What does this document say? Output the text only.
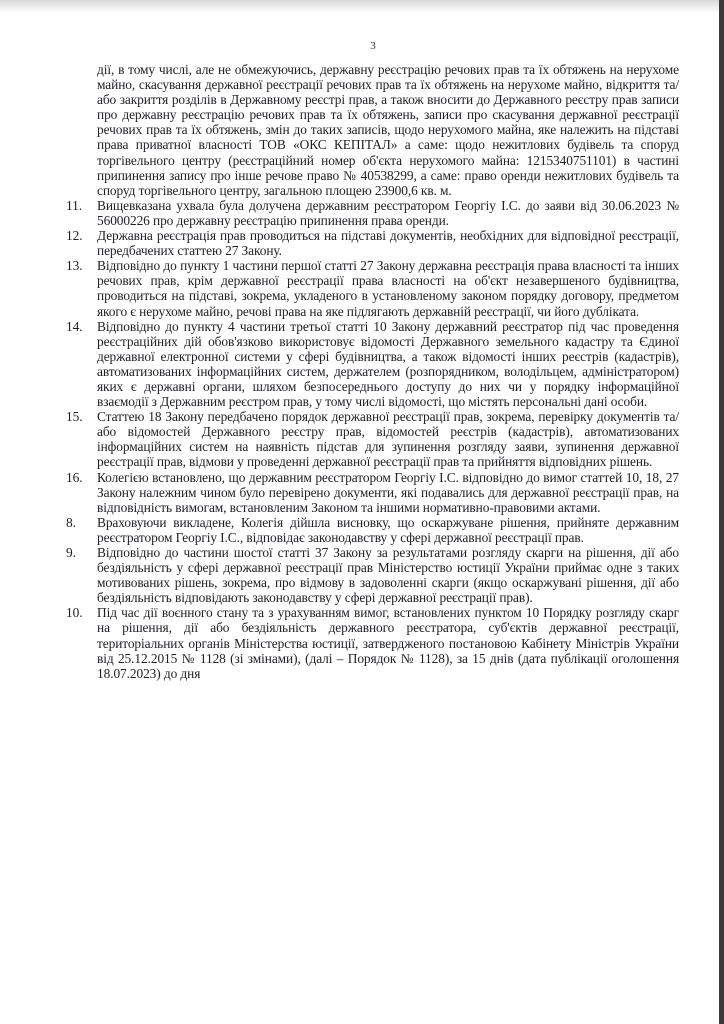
3

дії, в тому числі, але не обмежуючись, державну реєстрацію речових прав та їх обтяжень на нерухоме майно, скасування державної реєстрації речових прав та їх обтяжень на нерухоме майно, відкриття та/або закриття розділів в Державному реєстрі прав, а також вносити до Державного реєстру прав записи про державну реєстрацію речових прав та їх обтяжень, записи про скасування державної реєстрації речових прав та їх обтяжень, змін до таких записів, щодо нерухомого майна, яке належить на підставі права приватної власності ТОВ «ОКС КЕПІТАЛ» а саме: щодо нежитлових будівель та споруд торгівельного центру (реєстраційний номер об'єкта нерухомого майна: 1215340751101) в частині припинення запису про інше речове право № 40538299, а саме: право оренди нежитлових будівель та споруд торгівельного центру, загальною площею 23900,6 кв. м.

11. Вищевказана ухвала була долучена державним реєстратором Георгіу І.С. до заяви від 30.06.2023 № 56000226 про державну реєстрацію припинення права оренди.
12. Державна реєстрація прав проводиться на підставі документів, необхідних для відповідної реєстрації, передбачених статтею 27 Закону.
13. Відповідно до пункту 1 частини першої статті 27 Закону державна реєстрація права власності та інших речових прав, крім державної реєстрації права власності на об'єкт незавершеного будівництва, проводиться на підставі, зокрема, укладеного в установленому законом порядку договору, предметом якого є нерухоме майно, речові права на яке підлягають державній реєстрації, чи його дубліката.
14. Відповідно до пункту 4 частини третьої статті 10 Закону державний реєстратор під час проведення реєстраційних дій обов'язково використовує відомості Державного земельного кадастру та Єдиної державної електронної системи у сфері будівництва, а також відомості інших реєстрів (кадастрів), автоматизованих інформаційних систем, держателем (розпорядником, володільцем, адміністратором) яких є державні органи, шляхом безпосереднього доступу до них чи у порядку інформаційної взаємодії з Державним реєстром прав, у тому числі відомості, що містять персональні дані особи.
15. Статтею 18 Закону передбачено порядок державної реєстрації прав, зокрема, перевірку документів та/або відомостей Державного реєстру прав, відомостей реєстрів (кадастрів), автоматизованих інформаційних систем на наявність підстав для зупинення розгляду заяви, зупинення державної реєстрації прав, відмови у проведенні державної реєстрації прав та прийняття відповідних рішень.
16. Колегією встановлено, що державним реєстратором Георгіу І.С. відповідно до вимог статтей 10, 18, 27 Закону належним чином було перевірено документи, які подавались для державної реєстрації прав, на відповідність вимогам, встановленим Законом та іншими нормативно-правовими актами.
8. Враховуючи викладене, Колегія дійшла висновку, що оскаржуване рішення, прийняте державним реєстратором Георгіу І.С., відповідає законодавству у сфері державної реєстрації прав.
9. Відповідно до частини шостої статті 37 Закону за результатами розгляду скарги на рішення, дії або бездіяльність у сфері державної реєстрації прав Міністерство юстиції України приймає одне з таких мотивованих рішень, зокрема, про відмову в задоволенні скарги (якщо оскаржувані рішення, дії або бездіяльність відповідають законодавству у сфері державної реєстрації прав).
10. Під час дії воєнного стану та з урахуванням вимог, встановлених пунктом 10 Порядку розгляду скарг на рішення, дії або бездіяльність державного реєстратора, суб'єктів державної реєстрації, територіальних органів Міністерства юстиції, затвердженого постановою Кабінету Міністрів України від 25.12.2015 № 1128 (зі змінами), (далі – Порядок № 1128), за 15 днів (дата публікації оголошення 18.07.2023) до дня
